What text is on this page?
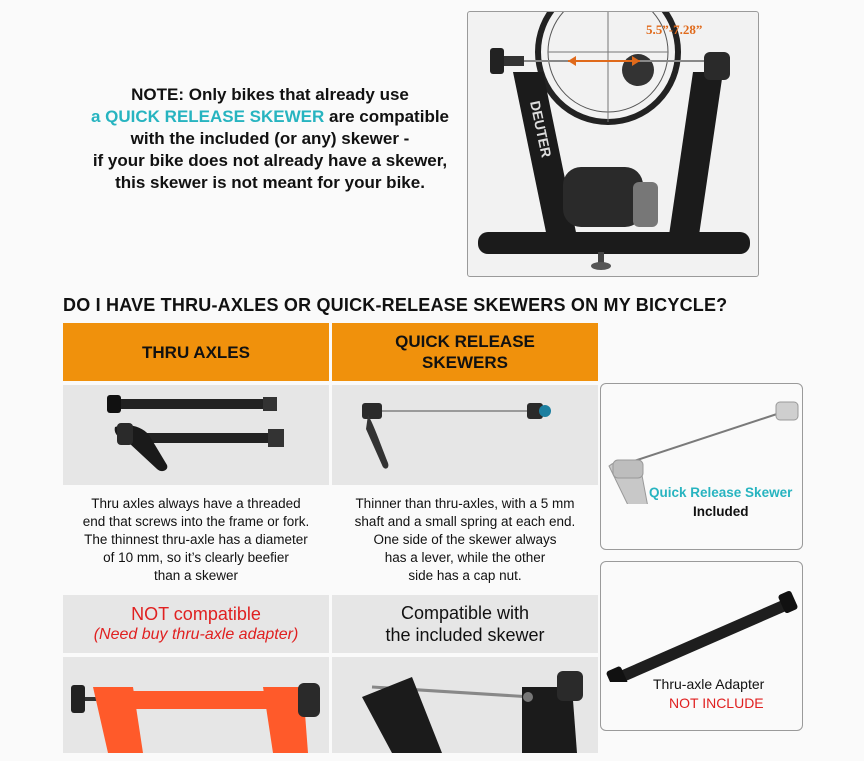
NOTE: Only bikes that already use
a QUICK RELEASE SKEWER are compatible
with the included (or any) skewer -
if your bike does not already have a skewer,
this skewer is not meant for your bike.
DEUTER
5.5”-7.28”
DO I HAVE THRU-AXLES OR QUICK-RELEASE SKEWERS ON MY BICYCLE?
THRU AXLES
QUICK RELEASE
SKEWERS
Thru axles always have a threaded
end that screws into the frame or fork.
The thinnest thru-axle has a diameter
of 10 mm, so it’s clearly beefier
than a skewer
Thinner than thru-axles, with a 5 mm
shaft and a small spring at each end.
One side of the skewer always
has a lever, while the other
side has a cap nut.
NOT compatible
(Need buy thru-axle adapter)
Compatible with
the included skewer
Quick Release Skewer
Included
Thru-axle Adapter
NOT INCLUDE
